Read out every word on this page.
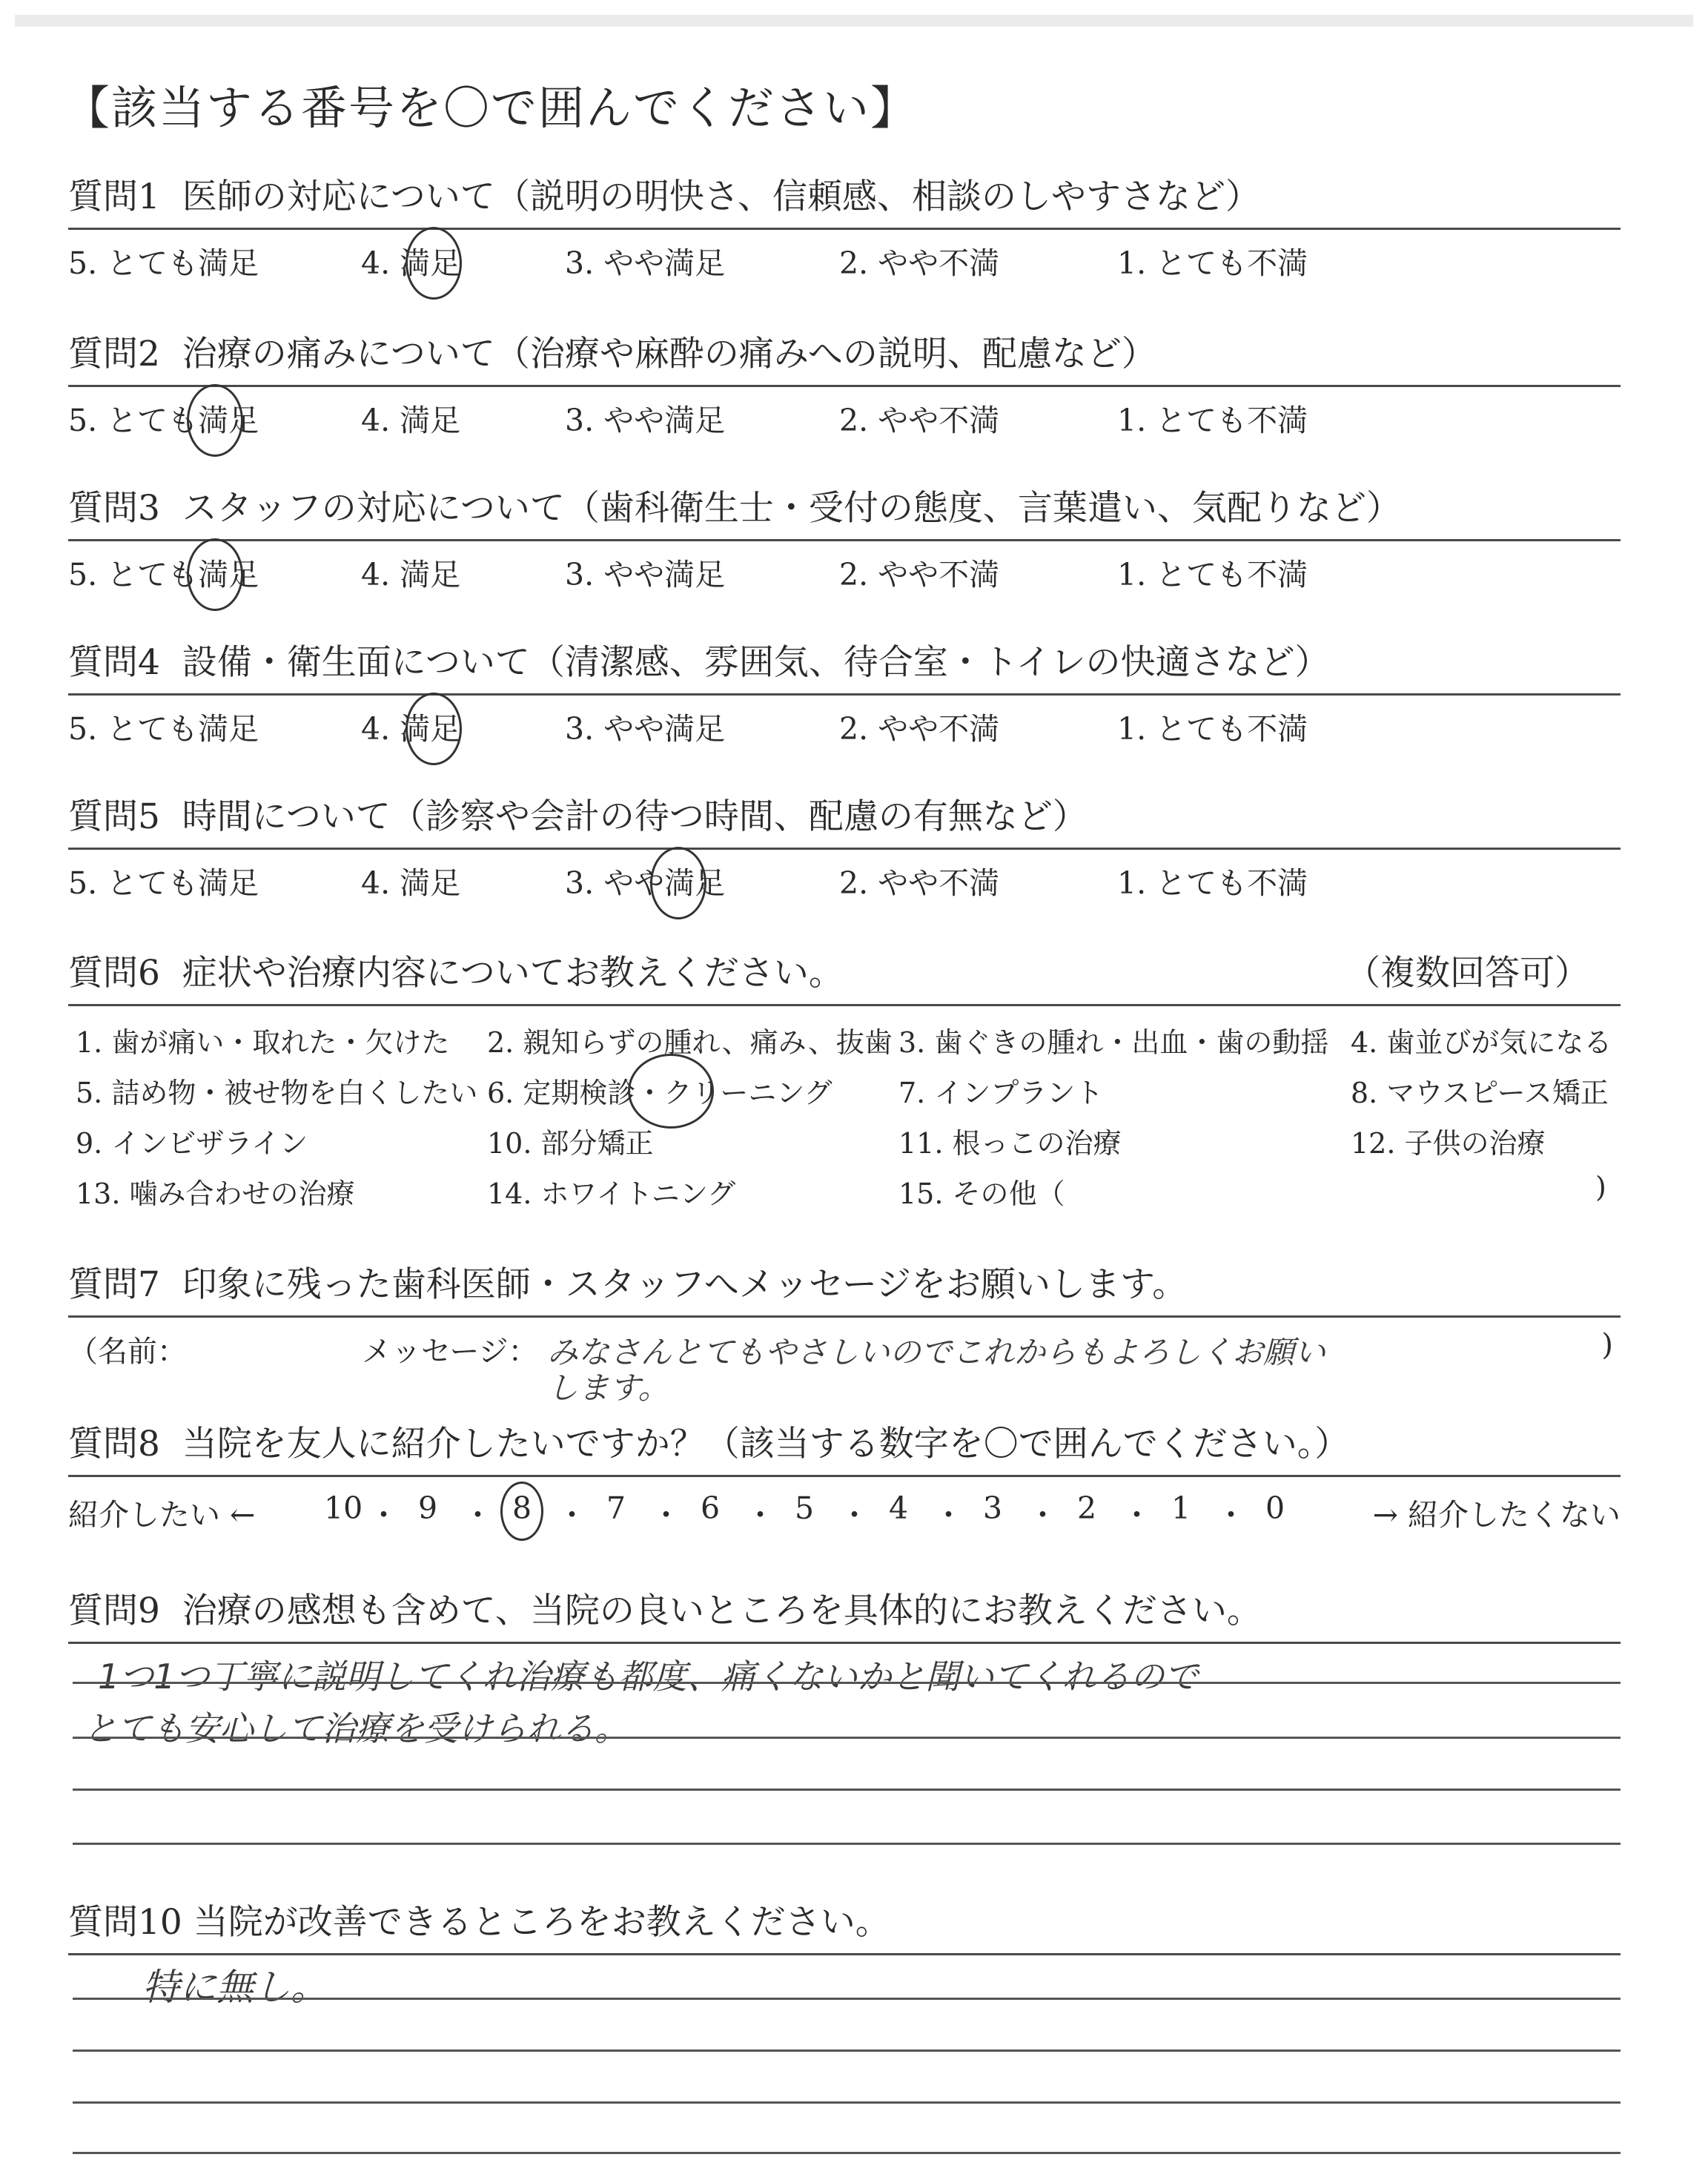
【該当する番号を〇で囲んでください】
質問1 医師の対応について（説明の明快さ、信頼感、相談のしやすさなど）
5. とても満足	4. 満足	3. やや満足	2. やや不満	1. とても不満
質問2 治療の痛みについて（治療や麻酔の痛みへの説明、配慮など）
5. とても満足	4. 満足	3. やや満足	2. やや不満	1. とても不満
質問3 スタッフの対応について（歯科衛生士・受付の態度、言葉遣い、気配りなど）
5. とても満足	4. 満足	3. やや満足	2. やや不満	1. とても不満
質問4 設備・衛生面について（清潔感、雰囲気、待合室・トイレの快適さなど）
5. とても満足	4. 満足	3. やや満足	2. やや不満	1. とても不満
質問5 時間について（診察や会計の待つ時間、配慮の有無など）
5. とても満足	4. 満足	3. やや満足	2. やや不満	1. とても不満
質問6 症状や治療内容についてお教えください。	（複数回答可）
1. 歯が痛い・取れた・欠けた 2. 親知らずの腫れ、痛み、抜歯 3. 歯ぐきの腫れ・出血・歯の動揺 4. 歯並びが気になる
5. 詰め物・被せ物を白くしたい 6. 定期検診・クリーニング 7. インプラント	8. マウスピース矯正
9. インビザライン	10. 部分矯正	11. 根っこの治療	12. 子供の治療
13. 噛み合わせの治療	14. ホワイトニング	15. その他（	)
質問7 印象に残った歯科医師・スタッフへメッセージをお願いします。
（名前：	メッセージ： みなさんとてもやさしいのでこれからもよろしくお願い
します。
)
質問8 当院を友人に紹介したいですか？（該当する数字を〇で囲んでください。）
紹介したい ←	→ 紹介したくない
10 ・ 9 ・ 8 ・ 7 ・ 6 ・ 5 ・ 4 ・ 3 ・ 2 ・ 1 ・ 0
質問9 治療の感想も含めて、当院の良いところを具体的にお教えください。
1つ1つ丁寧に説明してくれ治療も都度、痛くないかと聞いてくれるので
とても安心して治療を受けられる。
質問10 当院が改善できるところをお教えください。
特に無し。
